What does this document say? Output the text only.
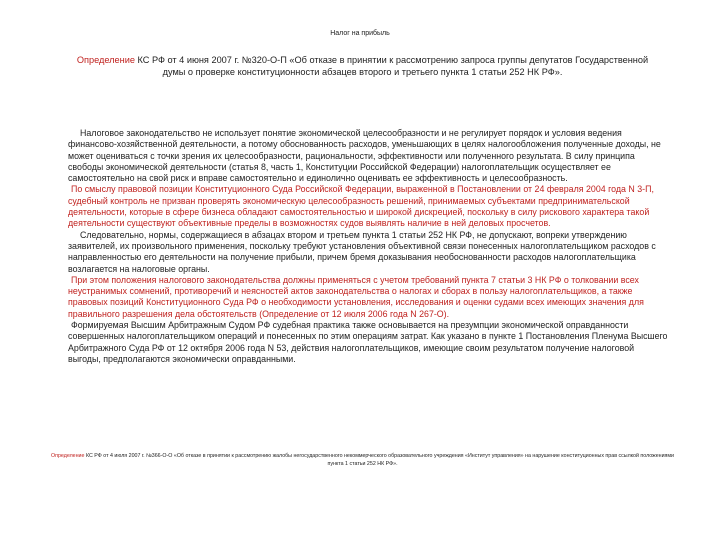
Налог на прибыль
Определение КС РФ от 4 июня 2007 г. №320-О-П «Об отказе в принятии к рассмотрению запроса группы депутатов Государственной думы о проверке конституционности абзацев второго и третьего пункта 1 статьи 252 НК РФ».

Налоговое законодательство не использует понятие экономической целесообразности и не регулирует порядок и условия ведения финансово-хозяйственной деятельности, а потому обоснованность расходов, уменьшающих в целях налогообложения полученные доходы, не может оцениваться с точки зрения их целесообразности, рациональности, эффективности или полученного результата. В силу принципа свободы экономической деятельности (статья 8, часть 1, Конституции Российской Федерации) налогоплательщик осуществляет ее самостоятельно на свой риск и вправе самостоятельно и единолично оценивать ее эффективность и целесообразность.

По смыслу правовой позиции Конституционного Суда Российской Федерации, выраженной в Постановлении от 24 февраля 2004 года N 3-П, судебный контроль не призван проверять экономическую целесообразность решений, принимаемых субъектами предпринимательской деятельности, которые в сфере бизнеса обладают самостоятельностью и широкой дискрецией, поскольку в силу рискового характера такой деятельности существуют объективные пределы в возможностях судов выявлять наличие в ней деловых просчетов.

Следовательно, нормы, содержащиеся в абзацах втором и третьем пункта 1 статьи 252 НК РФ, не допускают, вопреки утверждению заявителей, их произвольного применения, поскольку требуют установления объективной связи понесенных налогоплательщиком расходов с направленностью его деятельности на получение прибыли, причем бремя доказывания необоснованности расходов налогоплательщика возлагается на налоговые органы.

При этом положения налогового законодательства должны применяться с учетом требований пункта 7 статьи 3 НК РФ о толковании всех неустранимых сомнений, противоречий и неясностей актов законодательства о налогах и сборах в пользу налогоплательщиков, а также правовых позиций Конституционного Суда РФ о необходимости установления, исследования и оценки судами всех имеющих значения для правильного разрешения дела обстоятельств (Определение от 12 июля 2006 года N 267-О).

Формируемая Высшим Арбитражным Судом РФ судебная практика также основывается на презумпции экономической оправданности совершенных налогоплательщиком операций и понесенных по этим операциям затрат. Как указано в пункте 1 Постановления Пленума Высшего Арбитражного Суда РФ от 12 октября 2006 года N 53, действия налогоплательщиков, имеющие своим результатом получение налоговой выгоды, предполагаются экономически оправданными.

Определение КС РФ от 4 июля 2007 г. №366-О-О «Об отказе в принятии к рассмотрению жалобы негосударственного некоммерческого образовательного учреждения «Институт управления» на нарушение конституционных прав ссылкой положениями пункта 1 статьи 252 НК РФ».
